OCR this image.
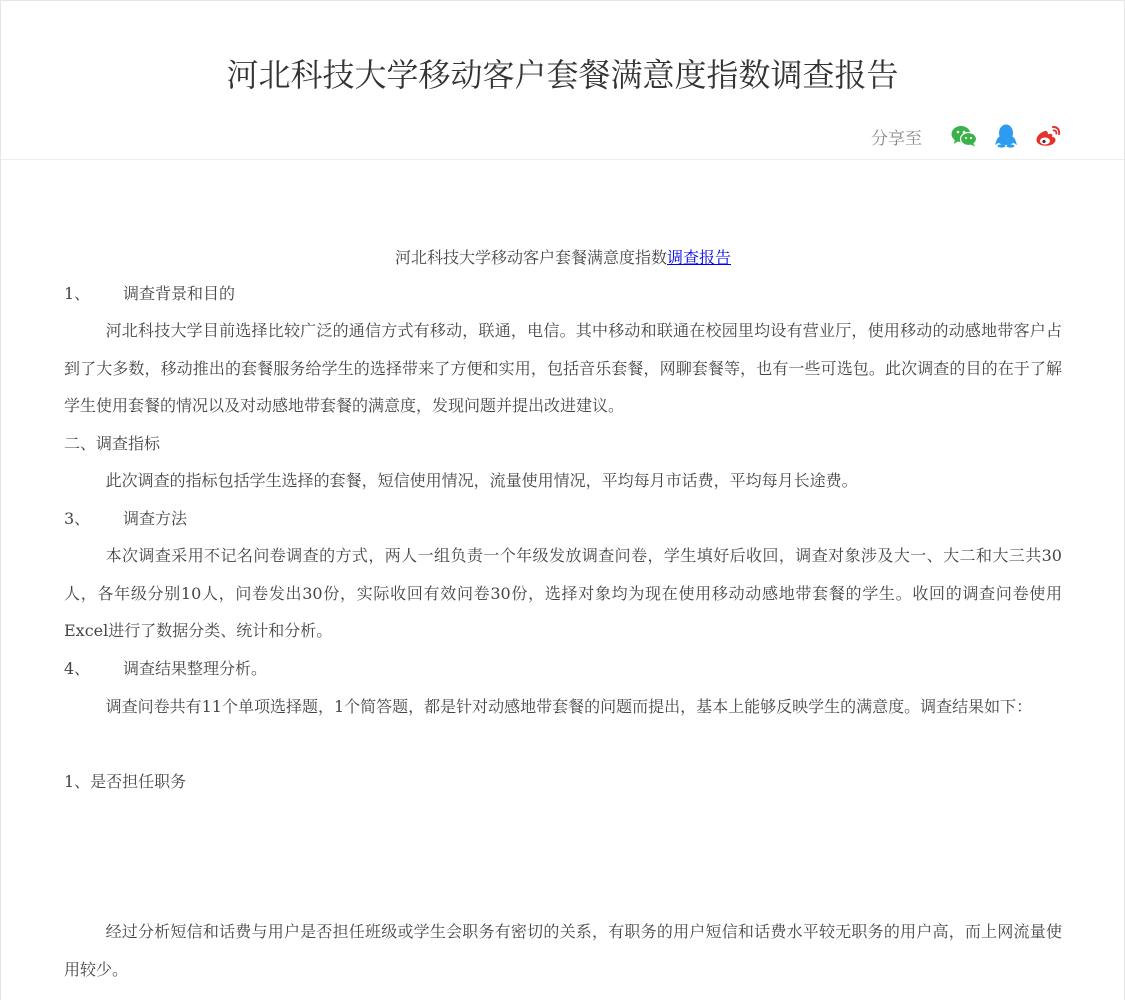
河北科技大学移动客户套餐满意度指数调查报告
分享至
河北科技大学移动客户套餐满意度指数调查报告
1、 调查背景和目的

河北科技大学目前选择比较广泛的通信方式有移动，联通，电信。其中移动和联通在校园里均设有营业厅，使用移动的动感地带客户占到了大多数，移动推出的套餐服务给学生的选择带来了方便和实用，包括音乐套餐，网聊套餐等，也有一些可选包。此次调查的目的在于了解学生使用套餐的情况以及对动感地带套餐的满意度，发现问题并提出改进建议。

二、调查指标

此次调查的指标包括学生选择的套餐，短信使用情况，流量使用情况，平均每月市话费，平均每月长途费。

3、 调查方法

本次调查采用不记名问卷调查的方式，两人一组负责一个年级发放调查问卷，学生填好后收回，调查对象涉及大一、大二和大三共30人，各年级分别10人，问卷发出30份，实际收回有效问卷30份，选择对象均为现在使用移动动感地带套餐的学生。收回的调查问卷使用Excel进行了数据分类、统计和分析。

4、 调查结果整理分析。

调查问卷共有11个单项选择题，1个简答题，都是针对动感地带套餐的问题而提出，基本上能够反映学生的满意度。调查结果如下：

1、是否担任职务

经过分析短信和话费与用户是否担任班级或学生会职务有密切的关系，有职务的用户短信和话费水平较无职务的用户高，而上网流量使用较少。
